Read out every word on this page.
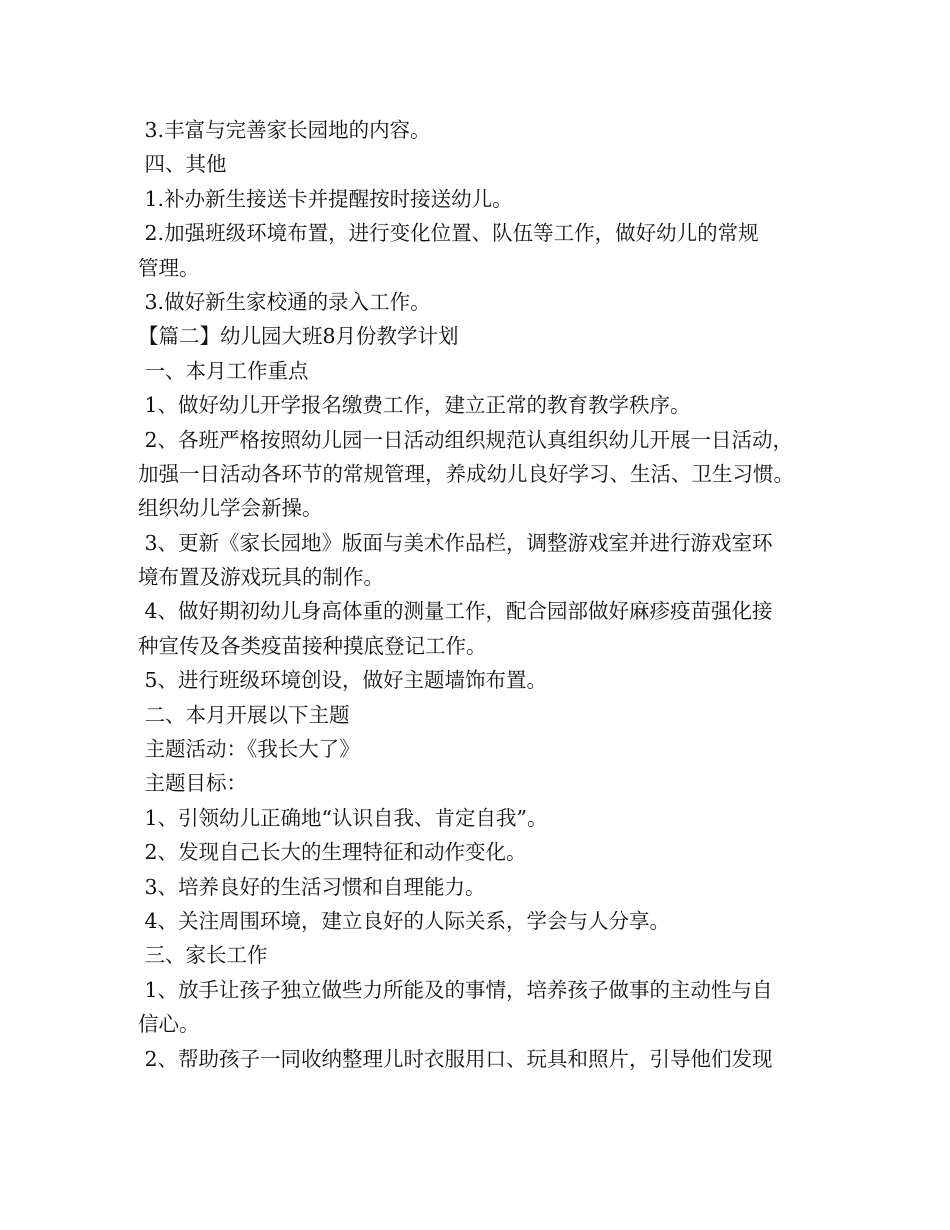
3.丰富与完善家长园地的内容。
四、其他
1.补办新生接送卡并提醒按时接送幼儿。
2.加强班级环境布置，进行变化位置、队伍等工作，做好幼儿的常规
管理。
3.做好新生家校通的录入工作。
【篇二】幼儿园大班8月份教学计划
一、本月工作重点
1、做好幼儿开学报名缴费工作，建立正常的教育教学秩序。
2、各班严格按照幼儿园一日活动组织规范认真组织幼儿开展一日活动，
加强一日活动各环节的常规管理，养成幼儿良好学习、生活、卫生习惯。
组织幼儿学会新操。
3、更新《家长园地》版面与美术作品栏，调整游戏室并进行游戏室环
境布置及游戏玩具的制作。
4、做好期初幼儿身高体重的测量工作，配合园部做好麻疹疫苗强化接
种宣传及各类疫苗接种摸底登记工作。
5、进行班级环境创设，做好主题墙饰布置。
二、本月开展以下主题
主题活动：《我长大了》
主题目标：
1、引领幼儿正确地“认识自我、肯定自我”。
2、发现自己长大的生理特征和动作变化。
3、培养良好的生活习惯和自理能力。
4、关注周围环境，建立良好的人际关系，学会与人分享。
三、家长工作
1、放手让孩子独立做些力所能及的事情，培养孩子做事的主动性与自
信心。
2、帮助孩子一同收纳整理儿时衣服用口、玩具和照片，引导他们发现
